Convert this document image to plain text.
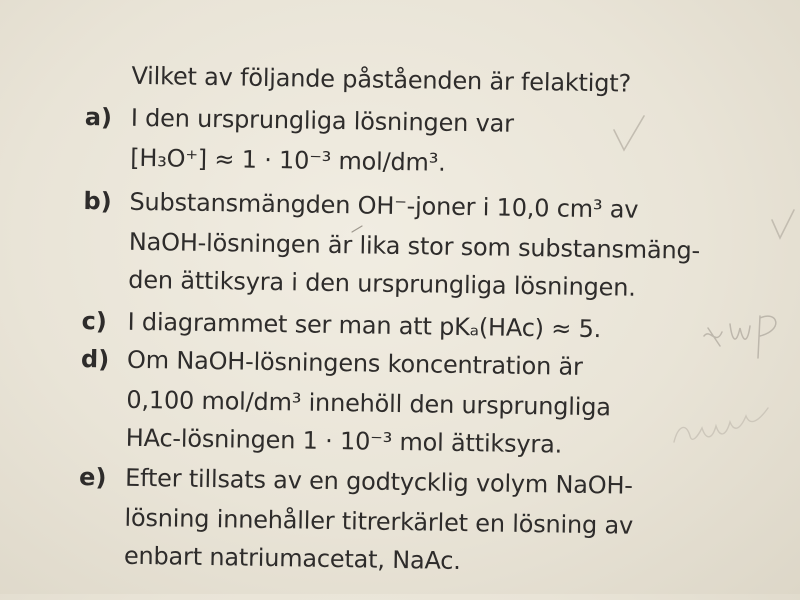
Vilket av följande påståenden är felaktigt?
a) I den ursprungliga lösningen var
[H₃O⁺] ≈ 1 · 10⁻³ mol/dm³.
b) Substansmängden OH⁻-joner i 10,0 cm³ av
NaOH-lösningen är lika stor som substansmäng-
den ättiksyra i den ursprungliga lösningen.
c) I diagrammet ser man att pKₐ(HAc) ≈ 5.
d) Om NaOH-lösningens koncentration är
0,100 mol/dm³ innehöll den ursprungliga
HAc-lösningen 1 · 10⁻³ mol ättiksyra.
e) Efter tillsats av en godtycklig volym NaOH-
lösning innehåller titrerkärlet en lösning av
enbart natriumacetat, NaAc.
